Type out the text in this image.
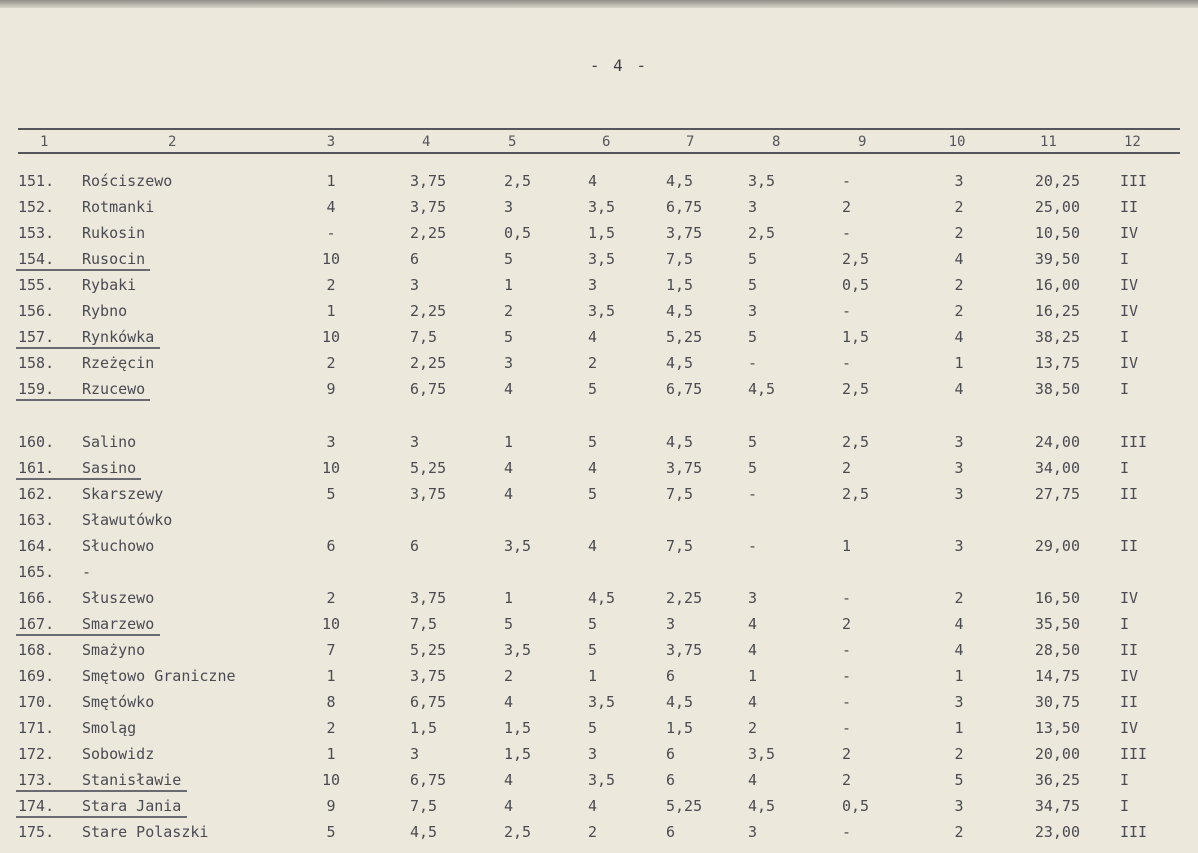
- 4 -
1	2	3	4	5	6	7	8	9	10	11	12
151. Rościszewo	1	3,75	2,5	4	4,5	3,5	-	3	20,25	III
152. Rotmanki	4	3,75	3	3,5	6,75	3	2	2	25,00	II
153. Rukosin	-	2,25	0,5	1,5	3,75	2,5	-	2	10,50	IV
154. Rusocin	10	6	5	3,5	7,5	5	2,5	4	39,50	I
155. Rybaki	2	3	1	3	1,5	5	0,5	2	16,00	IV
156. Rybno	1	2,25	2	3,5	4,5	3	-	2	16,25	IV
157. Rynkówka	10	7,5	5	4	5,25	5	1,5	4	38,25	I
158. Rzeżęcin	2	2,25	3	2	4,5	-	-	1	13,75	IV
159. Rzucewo	9	6,75	4	5	6,75	4,5	2,5	4	38,50	I
160. Salino	3	3	1	5	4,5	5	2,5	3	24,00	III
161. Sasino	10	5,25	4	4	3,75	5	2	3	34,00	I
162. Skarszewy	5	3,75	4	5	7,5	-	2,5	3	27,75	II
163. Sławutówko
164. Słuchowo	6	6	3,5	4	7,5	-	1	3	29,00	II
165. -
166. Słuszewo	2	3,75	1	4,5	2,25	3	-	2	16,50	IV
167. Smarzewo	10	7,5	5	5	3	4	2	4	35,50	I
168. Smażyno	7	5,25	3,5	5	3,75	4	-	4	28,50	II
169. Smętowo Graniczne	1	3,75	2	1	6	1	-	1	14,75	IV
170. Smętówko	8	6,75	4	3,5	4,5	4	-	3	30,75	II
171. Smoląg	2	1,5	1,5	5	1,5	2	-	1	13,50	IV
172. Sobowidz	1	3	1,5	3	6	3,5	2	2	20,00	III
173. Stanisławie	10	6,75	4	3,5	6	4	2	5	36,25	I
174. Stara Jania	9	7,5	4	4	5,25	4,5	0,5	3	34,75	I
175. Stare Polaszki	5	4,5	2,5	2	6	3	-	2	23,00	III
